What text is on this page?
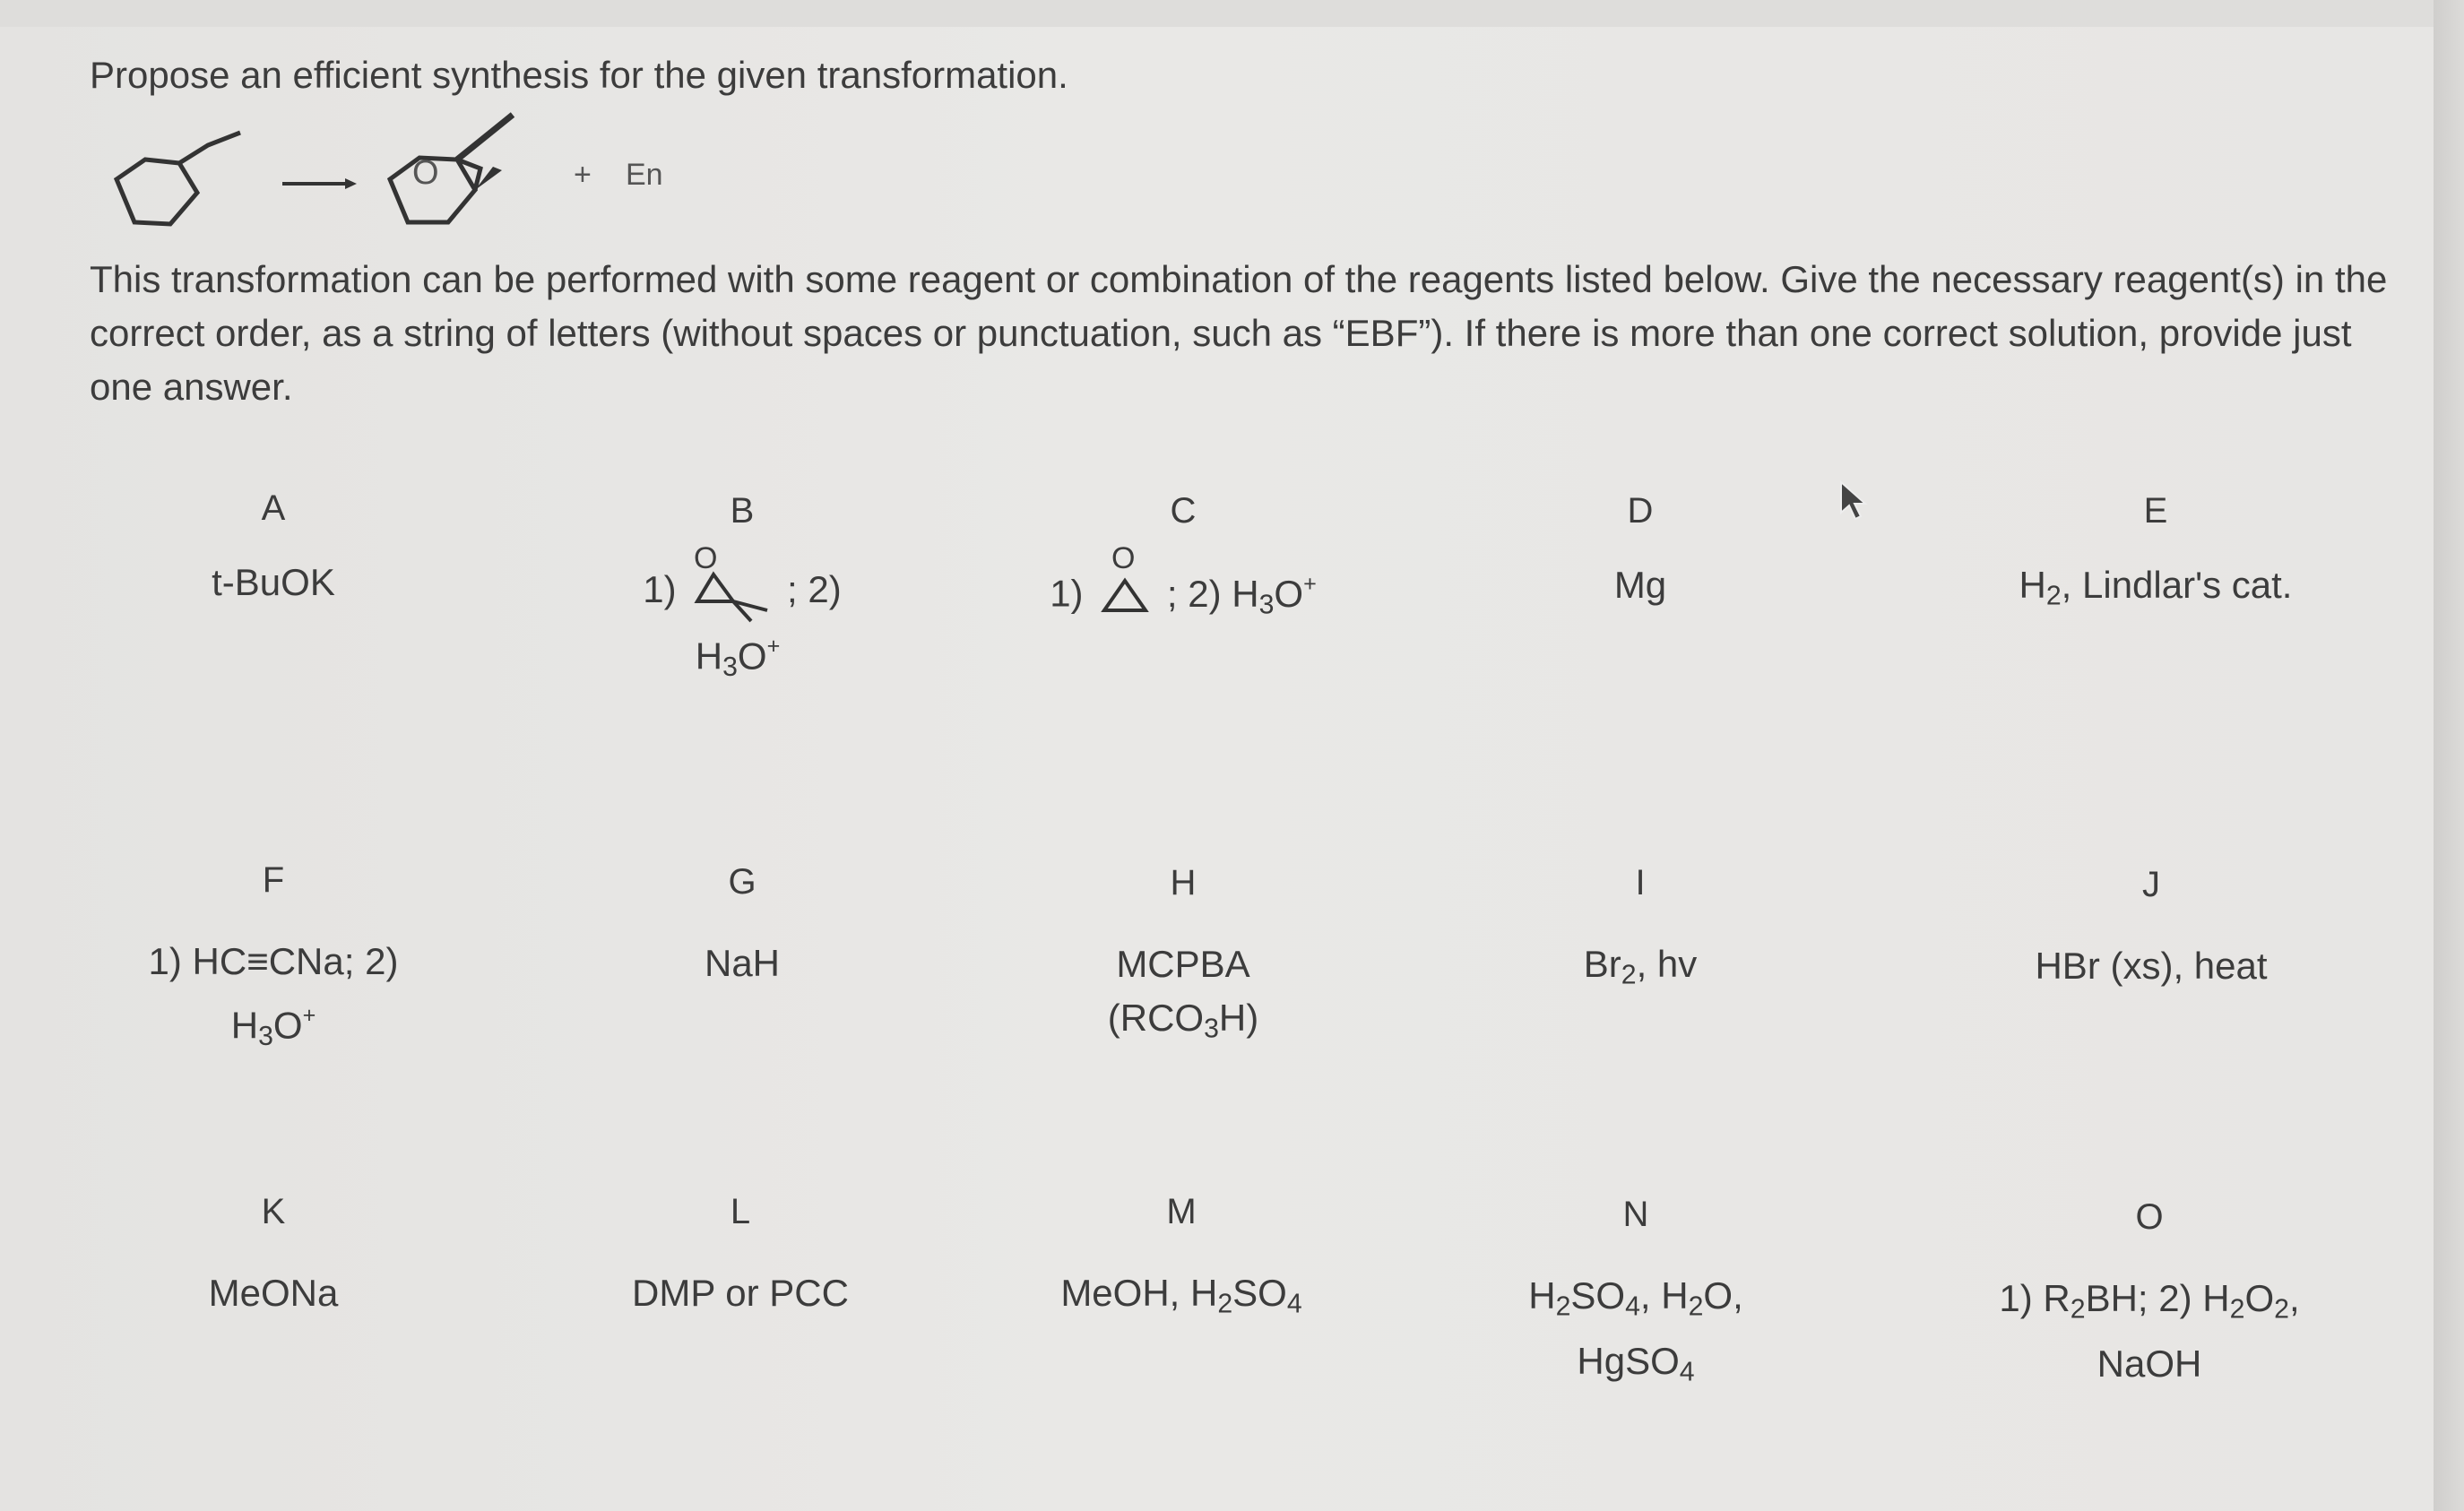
Propose an efficient synthesis for the given transformation.
O	+ En
This transformation can be performed with some reagent or combination of the reagents listed below. Give the necessary reagent(s) in the correct order, as a string of letters (without spaces or punctuation, such as “EBF”). If there is more than one correct solution, provide just one answer.
A
t-BuOK
B
1)	; 2)
O
$H_3O^+$
C
1) ; 2) $H_3O^+$
O
D
Mg
E
$H_2$, Lindlar's cat.
F
1) HC≡CNa; 2)
$H_3O^+$
G
NaH
H
MCPBA
$(RCO_3H)$
I
$Br_2$, hv
J
HBr (xs), heat
K
MeONa
L
DMP or PCC
M
MeOH, $H_2SO_4$
N
$H_2SO_4$, $H_2O$,
HgSO$_4$
O
1) $R_2BH$; 2) $H_2O_2$,
NaOH
